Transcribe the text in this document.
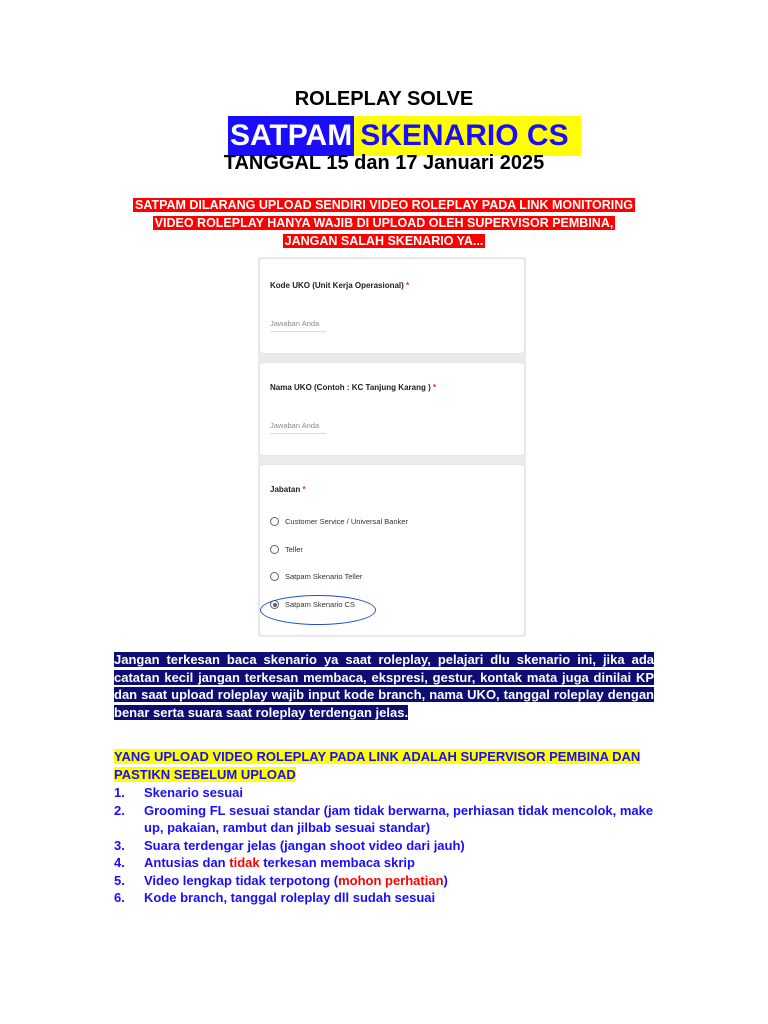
ROLEPLAY SOLVE
SATPAM SKENARIO CS
TANGGAL 15 dan 17 Januari 2025
SATPAM DILARANG UPLOAD SENDIRI VIDEO ROLEPLAY PADA LINK MONITORING
VIDEO ROLEPLAY HANYA WAJIB DI UPLOAD OLEH SUPERVISOR PEMBINA,
JANGAN SALAH SKENARIO YA...
Kode UKO (Unit Kerja Operasional) *
Jawaban Anda
Nama UKO (Contoh : KC Tanjung Karang ) *
Jawaban Anda
Jabatan *
Customer Service / Universal Banker
Teller
Satpam Skenario Teller
Satpam Skenario CS
Jangan terkesan baca skenario ya saat roleplay, pelajari dlu skenario ini, jika ada catatan kecil jangan terkesan membaca, ekspresi, gestur, kontak mata juga dinilai KP dan saat upload roleplay wajib input kode branch, nama UKO, tanggal roleplay dengan benar serta suara saat roleplay terdengan jelas.
YANG UPLOAD VIDEO ROLEPLAY PADA LINK ADALAH SUPERVISOR PEMBINA DAN PASTIKN SEBELUM UPLOAD
1.	Skenario sesuai
2.	Grooming FL sesuai standar (jam tidak berwarna, perhiasan tidak mencolok, make up, pakaian, rambut dan jilbab sesuai standar)
3.	Suara terdengar jelas (jangan shoot video dari jauh)
4.	Antusias dan tidak terkesan membaca skrip
5.	Video lengkap tidak terpotong (mohon perhatian)
6.	Kode branch, tanggal roleplay dll sudah sesuai
